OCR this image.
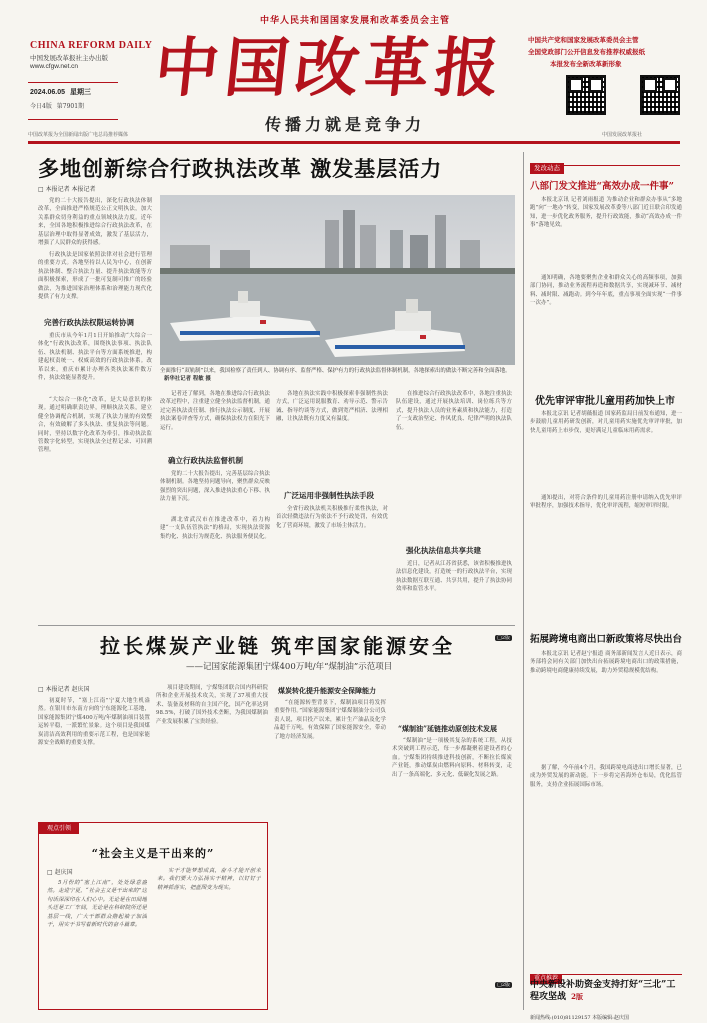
中华人民共和国国家发展和改革委员会主管
CHINA REFORM DAILY
中国发展改革报社主办出版
www.cfgw.net.cn
2024.06.05 星期三
今日4版 第7901期
中国改革报
传播力就是竞争力
中国共产党和国家发展改革委员会主管
全国党政部门公开信息发布推荐权威报纸
本报发布全新改革新形象
中国改革报为全国新闻出版广电总局推荐媒体	中国发展改革报社
多地创新综合行政执法改革 激发基层活力
□ 本报记者 本报记者

党的二十大报告提出，深化行政执法体制改革，全面推进严格规范公正文明执法，加大关系群众切身利益的重点领域执法力度。近年来，全国各地积极推进综合行政执法改革，在基层治理中取得显著成效，激发了基层活力，增强了人民群众的获得感。

行政执法是国家依照法律对社会进行管理的重要方式。各地坚持以人民为中心，在创新执法体制、整合执法力量、提升执法效能等方面积极探索，形成了一批可复制可推广的经验做法，为推进国家治理体系和治理能力现代化提供了有力支撑。

完善行政执法权限运转协调

重庆市从今年1月1日开始推动“大综合一体化”行政执法改革，围绕执法事项、执法队伍、执法机制、执法平台等方面系统推进，构建起权责统一、权威高效的行政执法体系。改革以来，重庆市累计办理各类执法案件数万件，执法效能显著提升。

“大综合一体化”改革，是大局意识的体现。通过明确职责边界，理顺执法关系，建立健全协调配合机制，实现了执法力量的有效整合，有效破解了多头执法、重复执法等问题。同时，坚持以数字化改革为牵引，推动执法监管数字化转型，实现执法全过程记录、可回溯管理。

全面推行“双轨制”以来，我国检察了责任到人、协调有序、监督严格、保护有力的行政执法监督体制机制，各地探索出的做法不断完善和全面落地。 新华社记者 程敏 摄

记者还了解到，各地在推进综合行政执法改革过程中，注重建立健全执法监督机制，通过完善执法责任制、推行执法公示制度、开展执法案卷评查等方式，确保执法权力在阳光下运行。

确立行政执法监督机制

党的二十大报告提出，完善基层综合执法体制机制。各地坚持问题导向，聚焦群众反映强烈的突出问题，深入推进执法重心下移、执法力量下沉。

湖北省武汉市在推进改革中，着力构建“一支队伍管执法”的格局，实现执法资源集约化、执法行为规范化、执法服务便民化。

各地在执法实践中积极探索非强制性执法方式，广泛运用说服教育、劝导示范、警示告诫、指导约谈等方式，做到宽严相济、法理相融，让执法既有力度又有温度。

广泛运用非强制性执法手段

全省行政执法机关积极推行柔性执法，对首次轻微违法行为依法不予行政处罚，有效优化了营商环境，激发了市场主体活力。

在推进综合行政执法改革中，各地注重执法队伍建设，通过开展执法培训、岗位练兵等方式，提升执法人员的业务素质和执法能力，打造了一支政治坚定、作风优良、纪律严明的执法队伍。

强化执法信息共享共建

近日，记者从江苏省获悉，该省积极推进执法信息化建设，打造统一的行政执法平台，实现执法数据互联互通、共享共用，提升了执法协同效率和监管水平。

□2版
拉长煤炭产业链 筑牢国家能源安全
——记国家能源集团宁煤400万吨/年“煤制油”示范项目
□ 本报记者 赵庆国

初夏时节，“塞上江南”宁夏大地生机盎然。在银川市东南方向的宁东能源化工基地，国家能源集团宁煤400万吨/年煤制油项目装置运转平稳，一派繁忙景象。这个项目是我国煤炭清洁高效利用的重要示范工程，也是国家能源安全战略的重要支撑。

项目建设期间，宁煤集团联合国内科研院所和企业开展技术攻关，实现了37项重大技术、装备及材料的自主国产化，国产化率达到98.5%，打破了国外技术垄断，为我国煤制油产业发展积累了宝贵经验。

煤炭转化提升能源安全保障能力

“在能源转型背景下，煤制油项目将发挥重要作用。”国家能源集团宁煤煤制油分公司负责人说，项目投产以来，累计生产油品及化学品超千万吨，有效保障了国家能源安全，带动了地方经济发展。

“煤制油”延链推动原创技术发展

“煤制油”是一项极其复杂的系统工程，从技术突破到工程示范，每一步都凝聚着建设者的心血。宁煤集团持续推进科技创新，不断拉长煤炭产业链，推动煤炭由燃料向原料、材料转变，走出了一条高端化、多元化、低碳化发展之路。

□2版
观点引领
“社会主义是干出来的”
□ 赵庆国

5月份的“塞上江南”，处处绿意盎然。走进宁夏，“社会主义是干出来的”这句话深深印在人们心中。无论是在田间地头还是工厂车间，无论是在科研院所还是基层一线，广大干部群众撸起袖子加油干，用实干书写着新时代的奋斗篇章。

实干才能梦想成真，奋斗才能开创未来。我们要大力弘扬实干精神，以钉钉子精神抓落实，把蓝图变为现实。

发改动态
八部门发文推进“高效办成一件事”

本报北京讯 记者刘雨报道 为推动企业和群众办事从“多地跑”向“一地办”转变，国家发展改革委等八部门近日联合印发通知，进一步优化政务服务，提升行政效能，推动“高效办成一件事”落地见效。

通知明确，各地要聚焦企业和群众关心的高频事项，加强部门协同，推动业务流程再造和数据共享，实现减环节、减材料、减时限、减跑动。到今年年底，重点事项全面实现“一件事一次办”。

优先审评审批儿童用药加快上市

本报北京讯 记者胡薇报道 国家药监局日前发布通知，进一步鼓励儿童用药研发创新，对儿童用药实施优先审评审批，加快儿童用药上市步伐，更好满足儿童临床用药需求。

通知提出，对符合条件的儿童用药注册申请纳入优先审评审批程序，加强技术指导，优化审评流程，缩短审评时限。

拓展跨境电商出口新政策将尽快出台

本报北京讯 记者赵宁报道 商务部新闻发言人近日表示，商务部将会同有关部门加快出台拓展跨境电商出口的政策措施，推动跨境电商健康持续发展，助力外贸稳规模优结构。

据了解，今年前4个月，我国跨境电商进出口增长显著，已成为外贸发展的新动能。下一步将完善海外仓布局，优化监管服务，支持企业拓展国际市场。

重点推荐
中央新设补助资金支持打好“三北”工程攻坚战 2版
新闻热线:(010)81129157 本版编辑:赵庆国
